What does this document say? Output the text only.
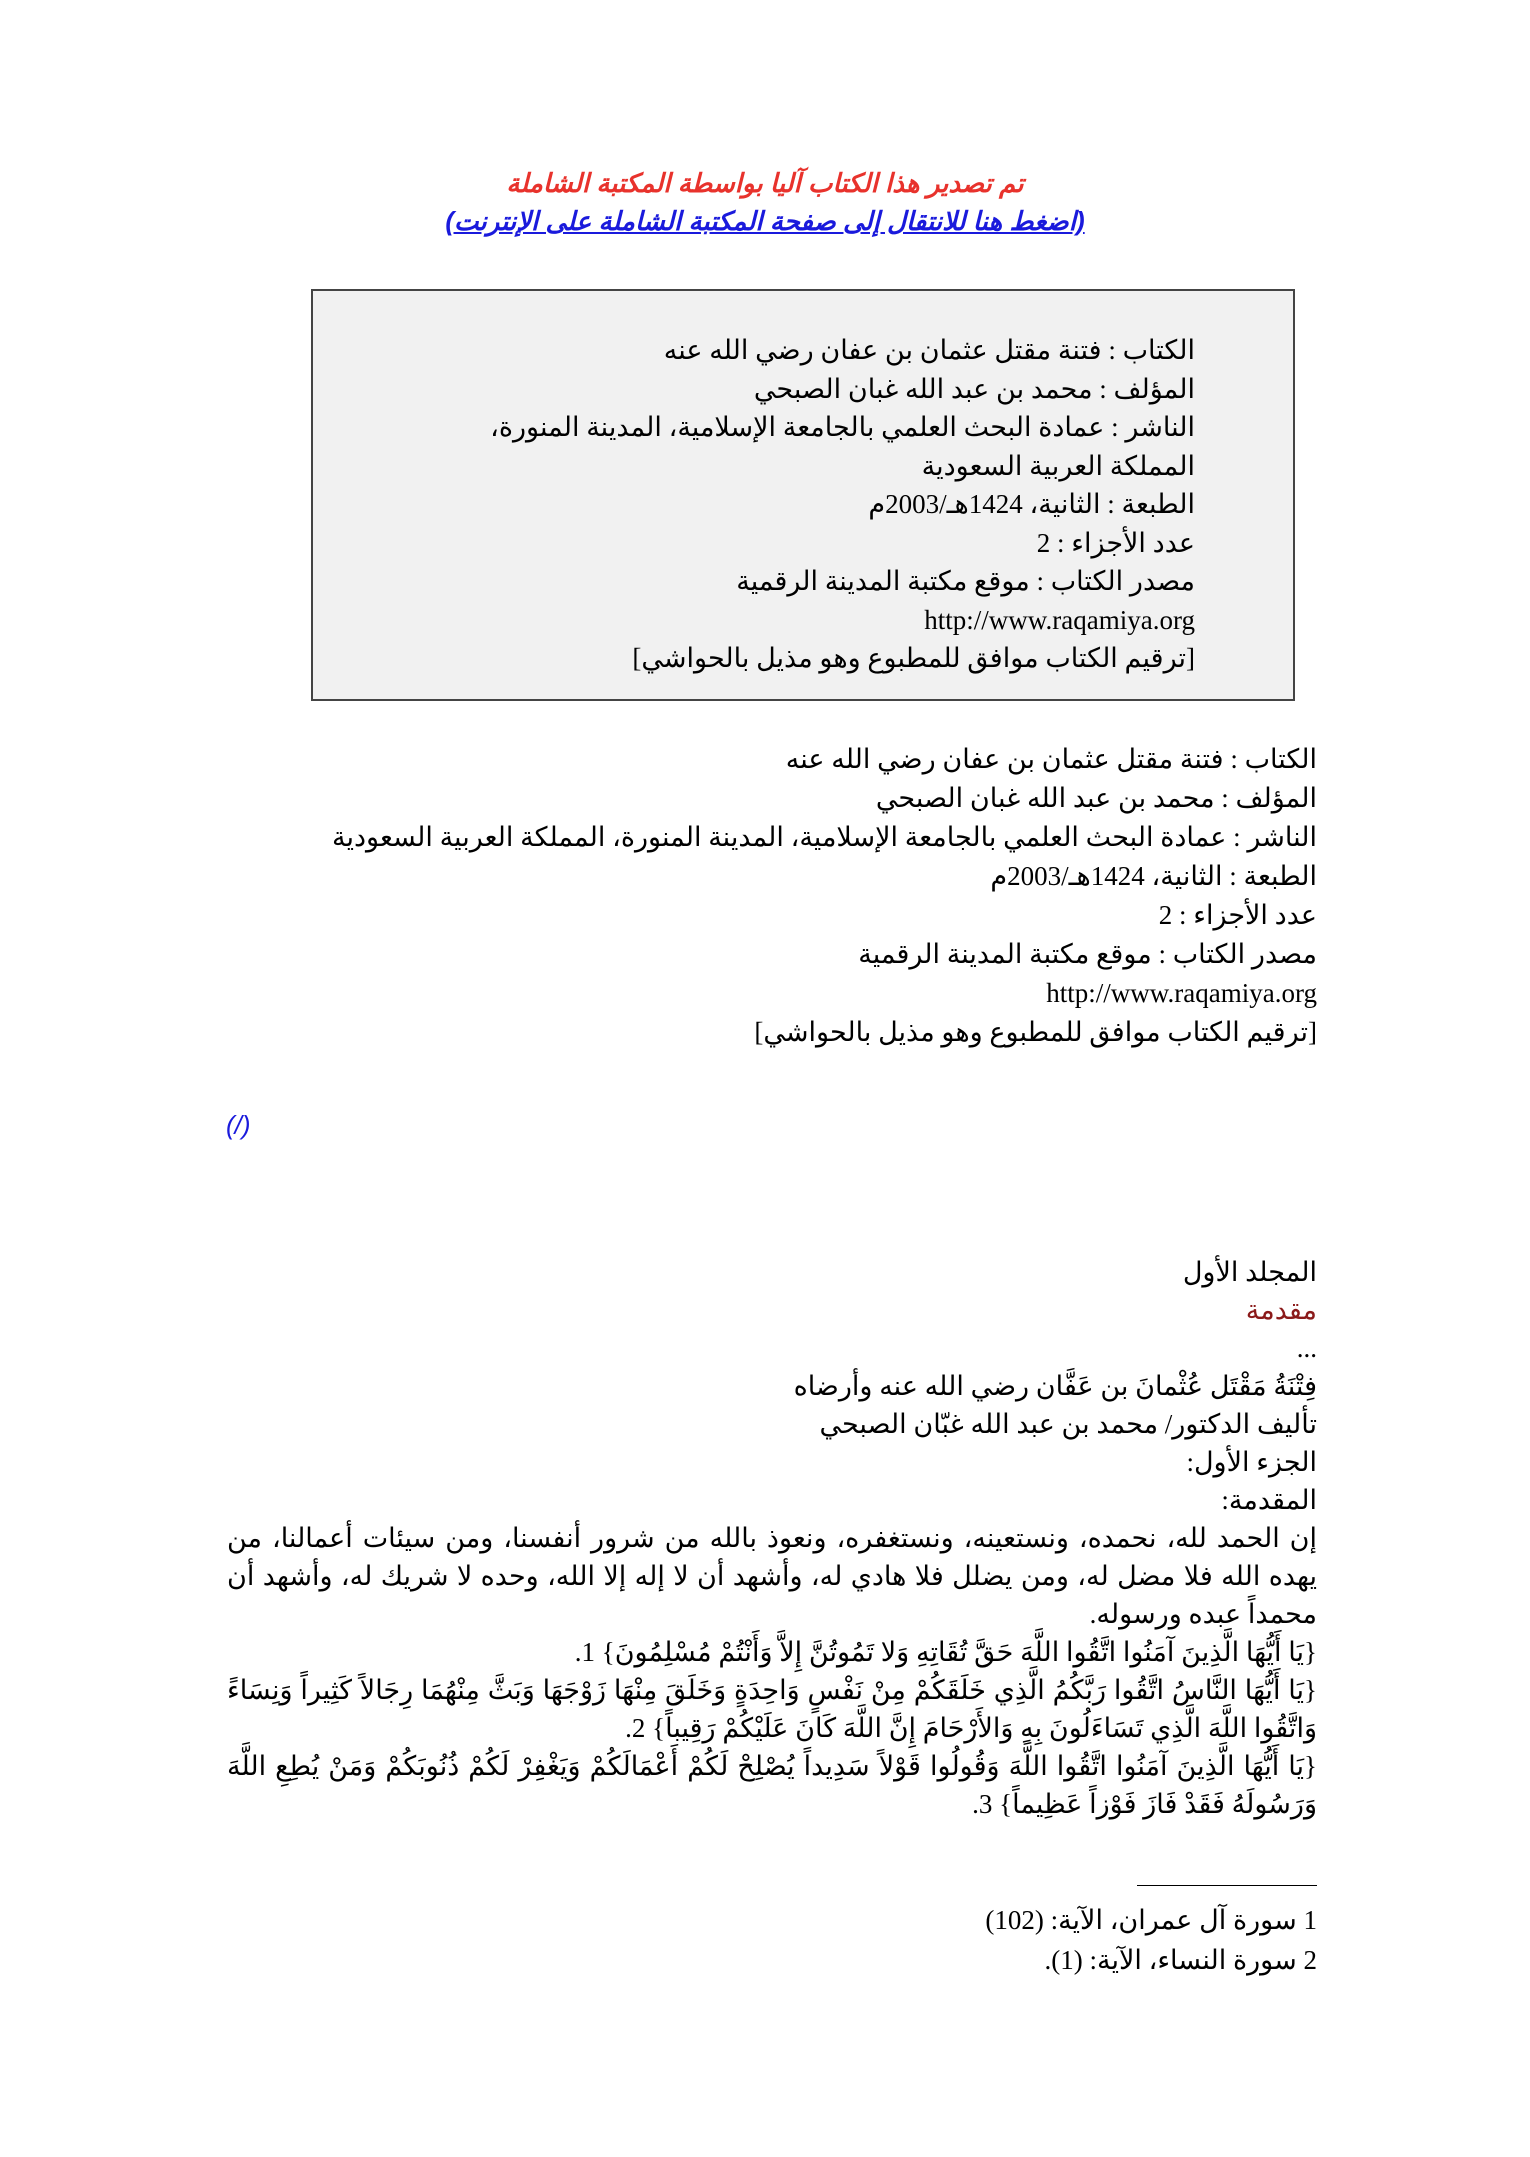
تم تصدير هذا الكتاب آليا بواسطة المكتبة الشاملة
(اضغط هنا للانتقال إلى صفحة المكتبة الشاملة على الإنترنت)
الكتاب : فتنة مقتل عثمان بن عفان رضي الله عنه
المؤلف : محمد بن عبد الله غبان الصبحي
الناشر : عمادة البحث العلمي بالجامعة الإسلامية، المدينة المنورة،
المملكة العربية السعودية
الطبعة : الثانية، 1424هـ/2003م
عدد الأجزاء : 2
مصدر الكتاب : موقع مكتبة المدينة الرقمية
http://www.raqamiya.org
[ترقيم الكتاب موافق للمطبوع وهو مذيل بالحواشي]
الكتاب : فتنة مقتل عثمان بن عفان رضي الله عنه
المؤلف : محمد بن عبد الله غبان الصبحي
الناشر : عمادة البحث العلمي بالجامعة الإسلامية، المدينة المنورة، المملكة العربية السعودية
الطبعة : الثانية، 1424هـ/2003م
عدد الأجزاء : 2
مصدر الكتاب : موقع مكتبة المدينة الرقمية
http://www.raqamiya.org
[ترقيم الكتاب موافق للمطبوع وهو مذيل بالحواشي]
(/)
المجلد الأول
مقدمة
...
فِتْنَةُ مَقْتَل عُثْمانَ بن عَفَّان رضي الله عنه وأرضاه
تأليف الدكتور/ محمد بن عبد الله غبّان الصبحي
الجزء الأول:
المقدمة:
إن الحمد لله، نحمده، ونستعينه، ونستغفره، ونعوذ بالله من شرور أنفسنا، ومن سيئات أعمالنا، من يهده الله فلا مضل له، ومن يضلل فلا هادي له، وأشهد أن لا إله إلا الله، وحده لا شريك له، وأشهد أن محمداً عبده ورسوله.
{يَا أَيُّهَا الَّذِينَ آمَنُوا اتَّقُوا اللَّهَ حَقَّ تُقَاتِهِ وَلا تَمُوتُنَّ إِلاَّ وَأَنْتُمْ مُسْلِمُونَ} 1.
{يَا أَيُّهَا النَّاسُ اتَّقُوا رَبَّكُمُ الَّذِي خَلَقَكُمْ مِنْ نَفْسٍ وَاحِدَةٍ وَخَلَقَ مِنْهَا زَوْجَهَا وَبَثَّ مِنْهُمَا رِجَالاً كَثِيراً وَنِسَاءً وَاتَّقُوا اللَّهَ الَّذِي تَسَاءَلُونَ بِهِ وَالأَرْحَامَ إِنَّ اللَّهَ كَانَ عَلَيْكُمْ رَقِيباً} 2.
{يَا أَيُّهَا الَّذِينَ آمَنُوا اتَّقُوا اللَّهَ وَقُولُوا قَوْلاً سَدِيداً يُصْلِحْ لَكُمْ أَعْمَالَكُمْ وَيَغْفِرْ لَكُمْ ذُنُوبَكُمْ وَمَنْ يُطِعِ اللَّهَ وَرَسُولَهُ فَقَدْ فَازَ فَوْزاً عَظِيماً} 3.
1 سورة آل عمران، الآية: (102)
2 سورة النساء، الآية: (1).
